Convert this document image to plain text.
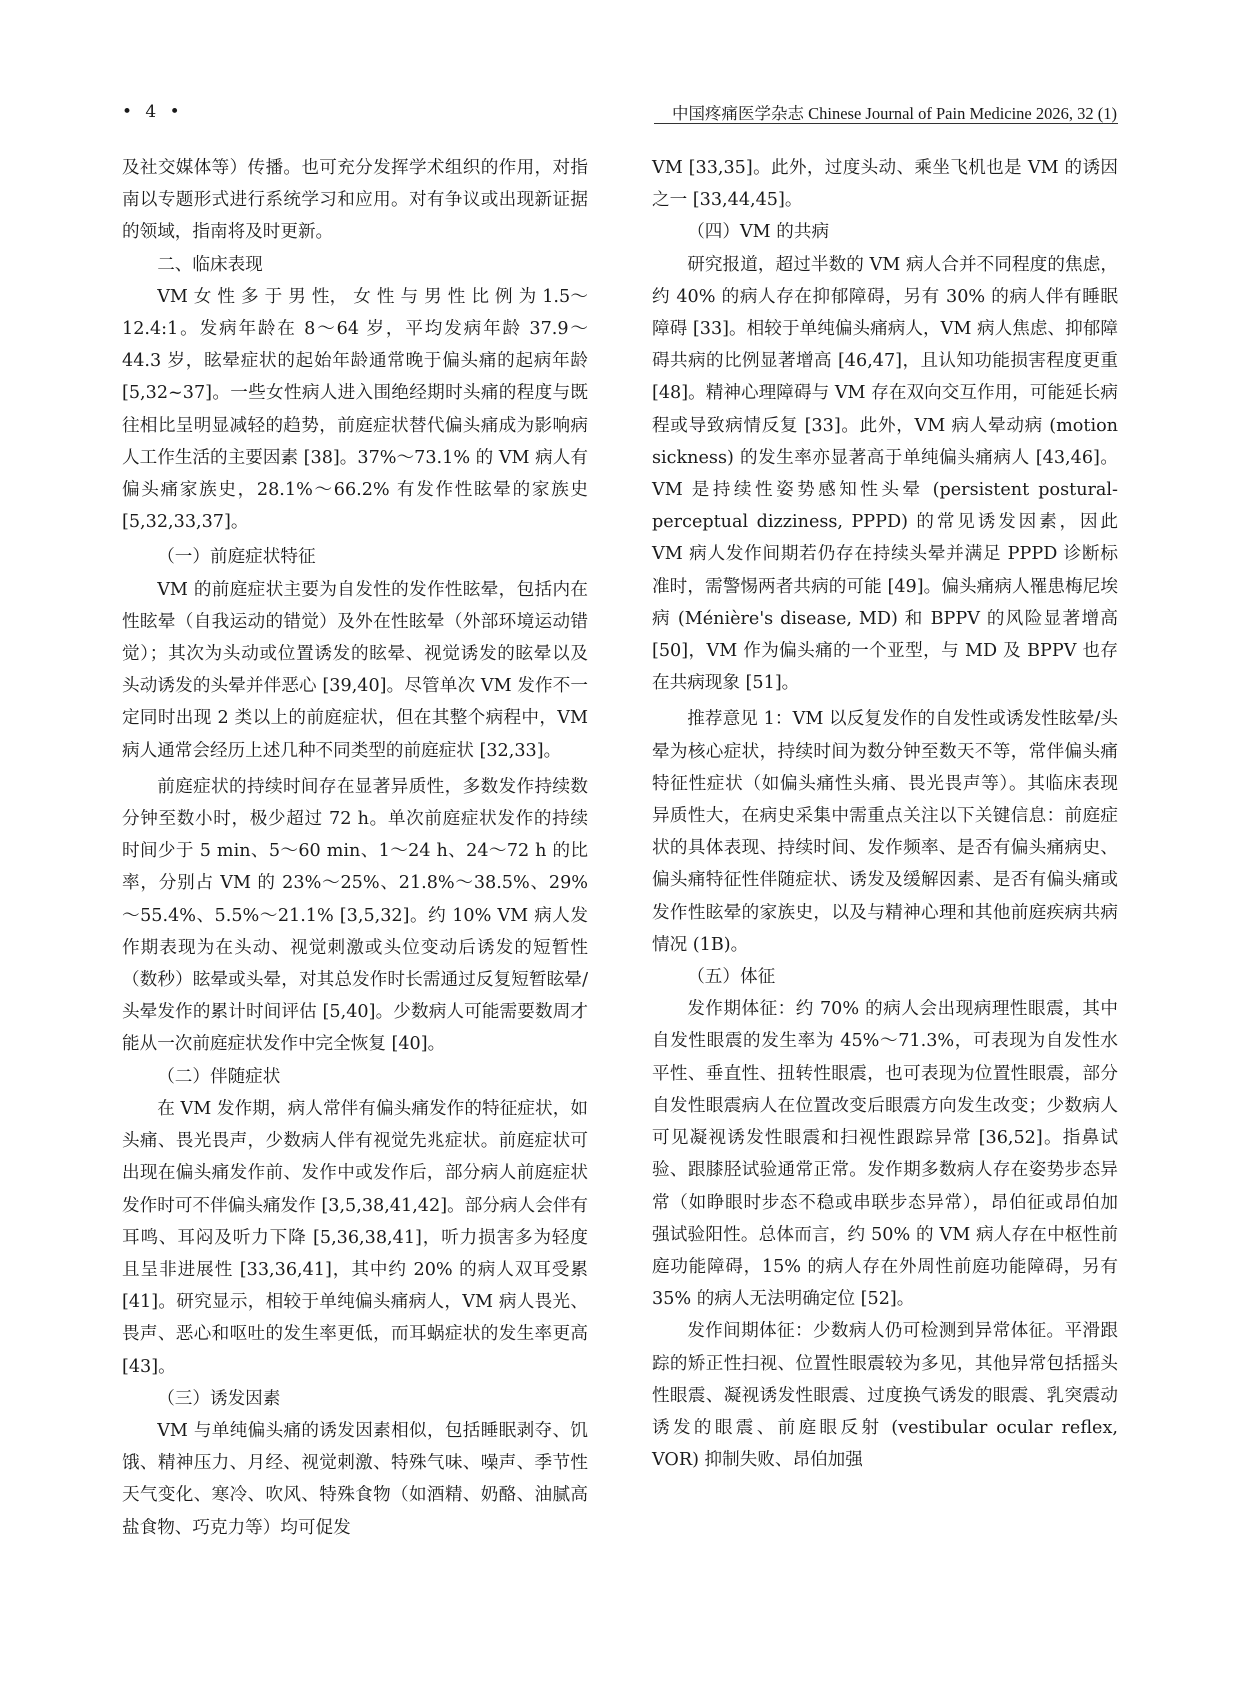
• 4 •	中国疼痛医学杂志 Chinese Journal of Pain Medicine 2026, 32 (1)

及社交媒体等）传播。也可充分发挥学术组织的作用，对指南以专题形式进行系统学习和应用。对有争议或出现新证据的领域，指南将及时更新。

二、临床表现

VM 女 性 多 于 男 性， 女 性 与 男 性 比 例 为 1.5～12.4:1。发病年龄在 8～64 岁，平均发病年龄 37.9～44.3 岁，眩晕症状的起始年龄通常晚于偏头痛的起病年龄 [5,32~37]。一些女性病人进入围绝经期时头痛的程度与既往相比呈明显减轻的趋势，前庭症状替代偏头痛成为影响病人工作生活的主要因素 [38]。37%～73.1% 的 VM 病人有偏头痛家族史，28.1%～66.2% 有发作性眩晕的家族史 [5,32,33,37]。

（一）前庭症状特征

VM 的前庭症状主要为自发性的发作性眩晕，包括内在性眩晕（自我运动的错觉）及外在性眩晕（外部环境运动错觉）；其次为头动或位置诱发的眩晕、视觉诱发的眩晕以及头动诱发的头晕并伴恶心 [39,40]。尽管单次 VM 发作不一定同时出现 2 类以上的前庭症状，但在其整个病程中，VM 病人通常会经历上述几种不同类型的前庭症状 [32,33]。

前庭症状的持续时间存在显著异质性，多数发作持续数分钟至数小时，极少超过 72 h。单次前庭症状发作的持续时间少于 5 min、5～60 min、1～24 h、24～72 h 的比率，分别占 VM 的 23%～25%、21.8%～38.5%、29%～55.4%、5.5%～21.1% [3,5,32]。约 10% VM 病人发作期表现为在头动、视觉刺激或头位变动后诱发的短暂性（数秒）眩晕或头晕，对其总发作时长需通过反复短暂眩晕/头晕发作的累计时间评估 [5,40]。少数病人可能需要数周才能从一次前庭症状发作中完全恢复 [40]。

（二）伴随症状

在 VM 发作期，病人常伴有偏头痛发作的特征症状，如头痛、畏光畏声，少数病人伴有视觉先兆症状。前庭症状可出现在偏头痛发作前、发作中或发作后，部分病人前庭症状发作时可不伴偏头痛发作 [3,5,38,41,42]。部分病人会伴有耳鸣、耳闷及听力下降 [5,36,38,41]，听力损害多为轻度且呈非进展性 [33,36,41]，其中约 20% 的病人双耳受累 [41]。研究显示，相较于单纯偏头痛病人，VM 病人畏光、畏声、恶心和呕吐的发生率更低，而耳蜗症状的发生率更高 [43]。

（三）诱发因素

VM 与单纯偏头痛的诱发因素相似，包括睡眠剥夺、饥饿、精神压力、月经、视觉刺激、特殊气味、噪声、季节性天气变化、寒冷、吹风、特殊食物（如酒精、奶酪、油腻高盐食物、巧克力等）均可促发

VM [33,35]。此外，过度头动、乘坐飞机也是 VM 的诱因之一 [33,44,45]。

（四）VM 的共病

研究报道，超过半数的 VM 病人合并不同程度的焦虑，约 40% 的病人存在抑郁障碍，另有 30% 的病人伴有睡眠障碍 [33]。相较于单纯偏头痛病人，VM 病人焦虑、抑郁障碍共病的比例显著增高 [46,47]，且认知功能损害程度更重 [48]。精神心理障碍与 VM 存在双向交互作用，可能延长病程或导致病情反复 [33]。此外，VM 病人晕动病 (motion sickness) 的发生率亦显著高于单纯偏头痛病人 [43,46]。VM 是持续性姿势感知性头晕 (persistent postural-perceptual dizziness, PPPD) 的常见诱发因素，因此 VM 病人发作间期若仍存在持续头晕并满足 PPPD 诊断标准时，需警惕两者共病的可能 [49]。偏头痛病人罹患梅尼埃病 (Ménière's disease, MD) 和 BPPV 的风险显著增高 [50]，VM 作为偏头痛的一个亚型，与 MD 及 BPPV 也存在共病现象 [51]。

推荐意见 1：VM 以反复发作的自发性或诱发性眩晕/头晕为核心症状，持续时间为数分钟至数天不等，常伴偏头痛特征性症状（如偏头痛性头痛、畏光畏声等）。其临床表现异质性大，在病史采集中需重点关注以下关键信息：前庭症状的具体表现、持续时间、发作频率、是否有偏头痛病史、偏头痛特征性伴随症状、诱发及缓解因素、是否有偏头痛或发作性眩晕的家族史，以及与精神心理和其他前庭疾病共病情况 (1B)。

（五）体征

发作期体征：约 70% 的病人会出现病理性眼震，其中自发性眼震的发生率为 45%～71.3%，可表现为自发性水平性、垂直性、扭转性眼震，也可表现为位置性眼震，部分自发性眼震病人在位置改变后眼震方向发生改变；少数病人可见凝视诱发性眼震和扫视性跟踪异常 [36,52]。指鼻试验、跟膝胫试验通常正常。发作期多数病人存在姿势步态异常（如睁眼时步态不稳或串联步态异常），昂伯征或昂伯加强试验阳性。总体而言，约 50% 的 VM 病人存在中枢性前庭功能障碍，15% 的病人存在外周性前庭功能障碍，另有 35% 的病人无法明确定位 [52]。

发作间期体征：少数病人仍可检测到异常体征。平滑跟踪的矫正性扫视、位置性眼震较为多见，其他异常包括摇头性眼震、凝视诱发性眼震、过度换气诱发的眼震、乳突震动诱发的眼震、前庭眼反射 (vestibular ocular reflex, VOR) 抑制失败、昂伯加强
